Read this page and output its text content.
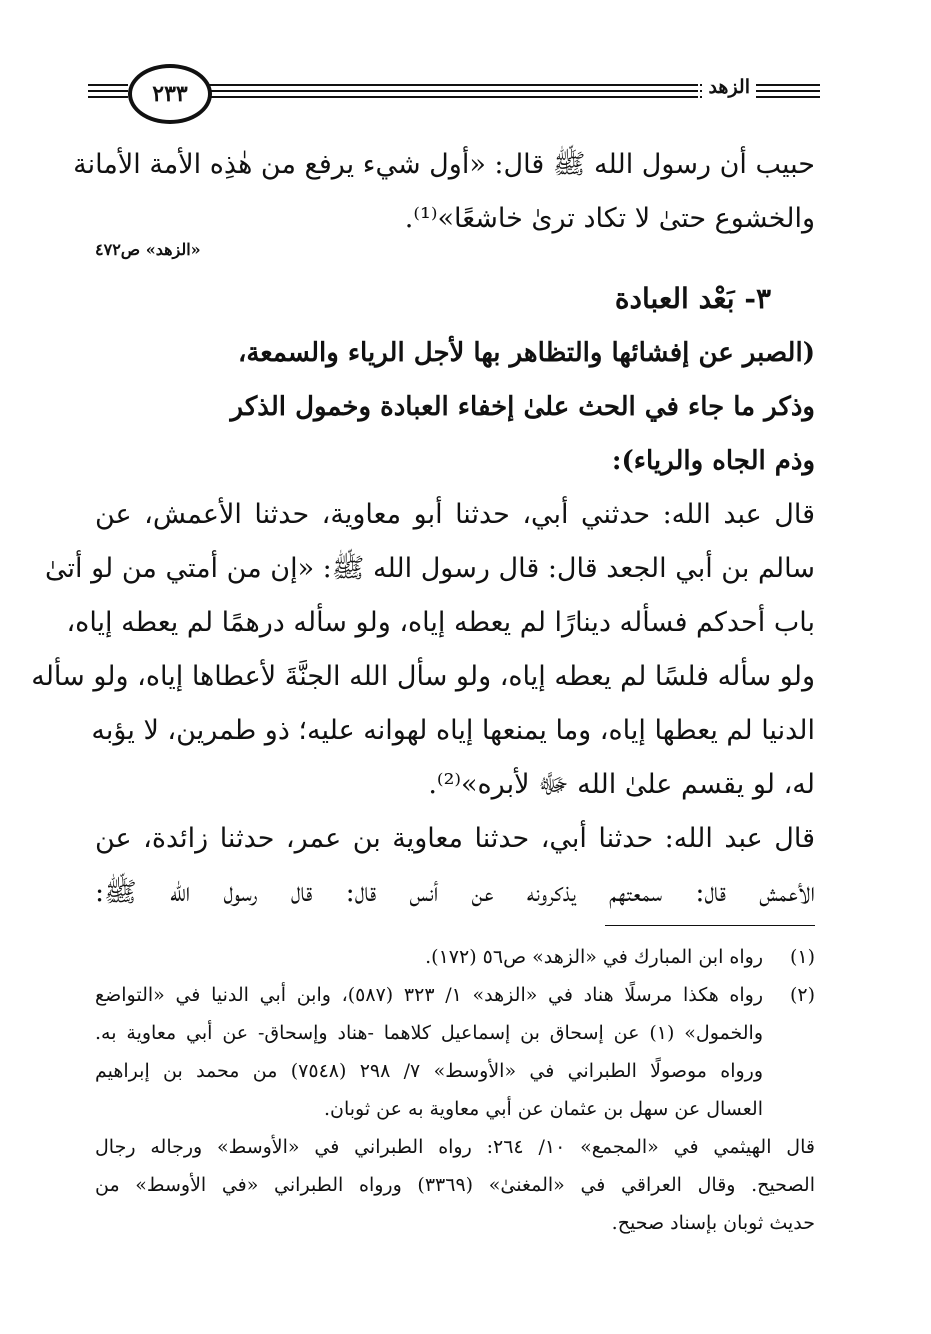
الزهد
٢٣٣
حبيب أن رسول الله ﷺ قال: «أول شيء يرفع من هٰذِه الأمة الأمانة
والخشوع حتىٰ لا تكاد ترىٰ خاشعًا»⁽¹⁾.
«الزهد» ص٤٧٢
٣- بَعْد العبادة
(الصبر عن إفشائها والتظاهر بها لأجل الرياء والسمعة،
وذكر ما جاء في الحث علىٰ إخفاء العبادة وخمول الذكر
وذم الجاه والرياء):
قال عبد الله: حدثني أبي، حدثنا أبو معاوية، حدثنا الأعمش، عن
سالم بن أبي الجعد قال: قال رسول الله ﷺ: «إن من أمتي من لو أتىٰ
باب أحدكم فسأله دينارًا لم يعطه إياه، ولو سأله درهمًا لم يعطه إياه،
ولو سأله فلسًا لم يعطه إياه، ولو سأل الله الجنَّةَ لأعطاها إياه، ولو سأله
الدنيا لم يعطها إياه، وما يمنعها إياه لهوانه عليه؛ ذو طمرين، لا يؤبه
له، لو يقسم علىٰ الله ﷻ لأبره»⁽²⁾.
قال عبد الله: حدثنا أبي، حدثنا معاوية بن عمر، حدثنا زائدة، عن
الأعمش قال: سمعتهم يذكرونه عن أنس قال: قال رسول الله ﷺ:
(١)
رواه ابن المبارك في «الزهد» ص٥٦ (١٧٢).
(٢)
رواه هكذا مرسلًا هناد في «الزهد» ١/ ٣٢٣ (٥٨٧)، وابن أبي الدنيا في «التواضع
والخمول» (١) عن إسحاق بن إسماعيل كلاهما -هناد وإسحاق- عن أبي معاوية به.
ورواه موصولًا الطبراني في «الأوسط» ٧/ ٢٩٨ (٧٥٤٨) من محمد بن إبراهيم
العسال عن سهل بن عثمان عن أبي معاوية به عن ثوبان.
قال الهيثمي في «المجمع» ١٠/ ٢٦٤: رواه الطبراني في «الأوسط» ورجاله رجال
الصحيح. وقال العراقي في «المغنىٰ» (٣٣٦٩) ورواه الطبراني «في الأوسط» من
حديث ثوبان بإسناد صحيح.
